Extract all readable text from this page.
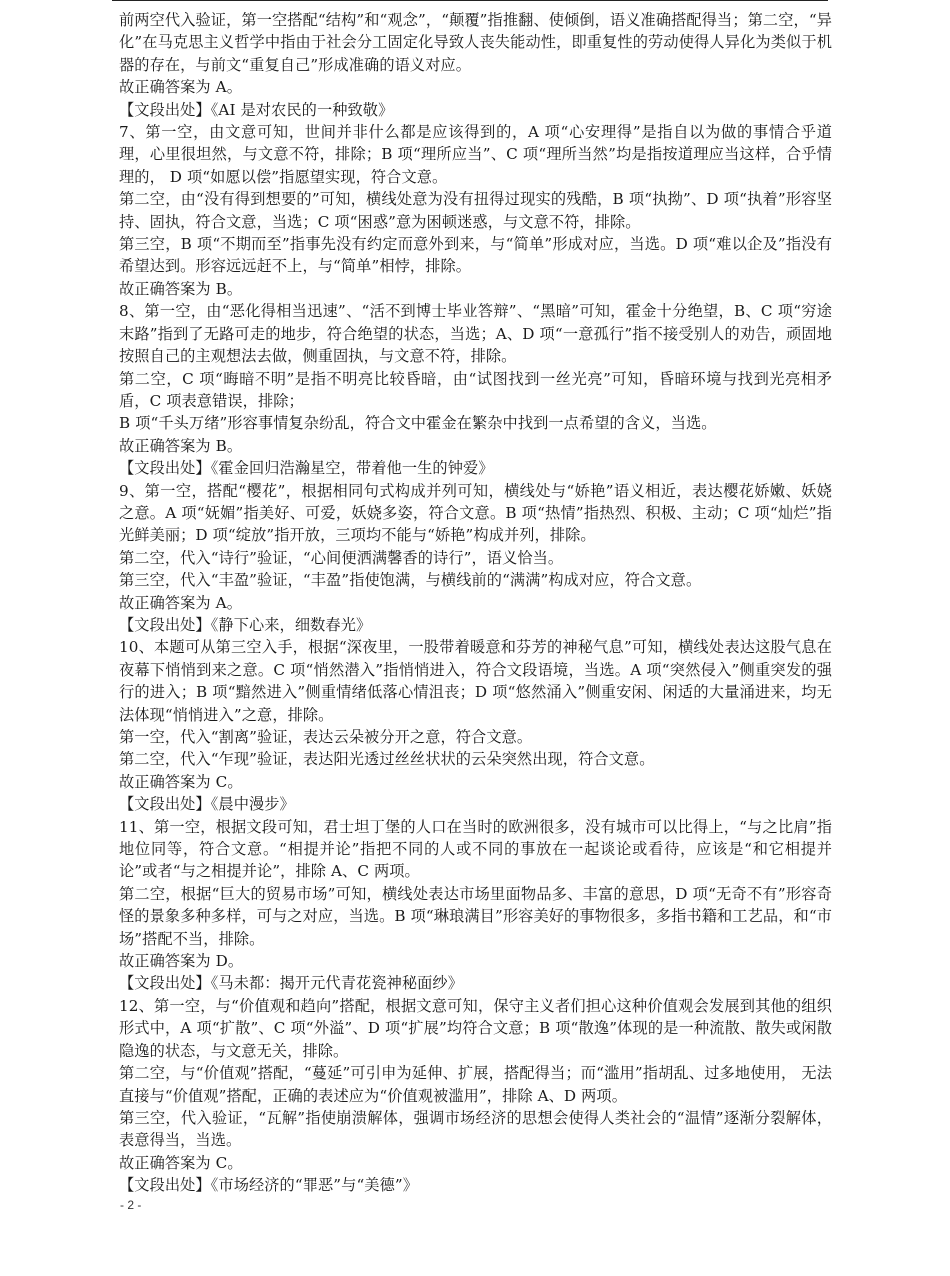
前两空代入验证，第一空搭配“结构”和“观念”，“颠覆”指推翻、使倾倒，语义准确搭配得当；第二空，“异化”在马克思主义哲学中指由于社会分工固定化导致人丧失能动性，即重复性的劳动使得人异化为类似于机器的存在，与前文“重复自己”形成准确的语义对应。

故正确答案为 A。

【文段出处】《AI 是对农民的一种致敬》

7、第一空，由文意可知，世间并非什么都是应该得到的，A 项“心安理得”是指自以为做的事情合乎道理，心里很坦然，与文意不符，排除；B 项“理所应当”、C 项“理所当然”均是指按道理应当这样，合乎情理的， D 项“如愿以偿”指愿望实现，符合文意。

第二空，由“没有得到想要的”可知，横线处意为没有扭得过现实的残酷，B 项“执拗”、D 项“执着”形容坚持、固执，符合文意，当选；C 项“困惑”意为困顿迷惑，与文意不符，排除。

第三空，B 项“不期而至”指事先没有约定而意外到来，与“简单”形成对应，当选。D 项“难以企及”指没有希望达到。形容远远赶不上，与“简单”相悖，排除。

故正确答案为 B。

8、第一空，由“恶化得相当迅速”、“活不到博士毕业答辩”、“黑暗”可知，霍金十分绝望，B、C 项“穷途末路”指到了无路可走的地步，符合绝望的状态，当选；A、D 项“一意孤行”指不接受别人的劝告，顽固地按照自己的主观想法去做，侧重固执，与文意不符，排除。

第二空，C 项“晦暗不明”是指不明亮比较昏暗，由“试图找到一丝光亮”可知，昏暗环境与找到光亮相矛盾，C 项表意错误，排除；

B 项“千头万绪”形容事情复杂纷乱，符合文中霍金在繁杂中找到一点希望的含义，当选。

故正确答案为 B。

【文段出处】《霍金回归浩瀚星空，带着他一生的钟爱》

9、第一空，搭配“樱花”，根据相同句式构成并列可知，横线处与“娇艳”语义相近，表达樱花娇嫩、妖娆之意。A 项“妩媚”指美好、可爱，妖娆多姿，符合文意。B 项“热情”指热烈、积极、主动；C 项“灿烂”指光鲜美丽；D 项“绽放”指开放，三项均不能与“娇艳”构成并列，排除。

第二空，代入“诗行”验证，“心间便洒满馨香的诗行”，语义恰当。

第三空，代入“丰盈”验证，“丰盈”指使饱满，与横线前的“满满”构成对应，符合文意。

故正确答案为 A。

【文段出处】《静下心来，细数春光》

10、本题可从第三空入手，根据“深夜里，一股带着暖意和芬芳的神秘气息”可知，横线处表达这股气息在夜幕下悄悄到来之意。C 项“悄然潜入”指悄悄进入，符合文段语境，当选。A 项“突然侵入”侧重突发的强行的进入；B 项“黯然进入”侧重情绪低落心情沮丧；D 项“悠然涌入”侧重安闲、闲适的大量涌进来，均无法体现“悄悄进入”之意，排除。

第一空，代入“割离”验证，表达云朵被分开之意，符合文意。

第二空，代入“乍现”验证，表达阳光透过丝丝状状的云朵突然出现，符合文意。

故正确答案为 C。

【文段出处】《晨中漫步》

11、第一空，根据文段可知，君士坦丁堡的人口在当时的欧洲很多，没有城市可以比得上，“与之比肩”指地位同等，符合文意。“相提并论”指把不同的人或不同的事放在一起谈论或看待，应该是“和它相提并论”或者“与之相提并论”，排除 A、C 两项。

第二空，根据“巨大的贸易市场”可知，横线处表达市场里面物品多、丰富的意思，D 项“无奇不有”形容奇怪的景象多种多样，可与之对应，当选。B 项“琳琅满目”形容美好的事物很多，多指书籍和工艺品，和“市场”搭配不当，排除。

故正确答案为 D。

【文段出处】《马未都：揭开元代青花瓷神秘面纱》

12、第一空，与“价值观和趋向”搭配，根据文意可知，保守主义者们担心这种价值观会发展到其他的组织形式中，A 项“扩散”、C 项“外溢”、D 项“扩展”均符合文意；B 项“散逸”体现的是一种流散、散失或闲散隐逸的状态，与文意无关，排除。

第二空，与“价值观”搭配，“蔓延”可引申为延伸、扩展，搭配得当；而“滥用”指胡乱、过多地使用， 无法直接与“价值观”搭配，正确的表述应为“价值观被滥用”，排除 A、D 两项。

第三空，代入验证，“瓦解”指使崩溃解体，强调市场经济的思想会使得人类社会的“温情”逐渐分裂解体，表意得当，当选。

故正确答案为 C。

【文段出处】《市场经济的“罪恶”与“美德”》

- 2 -
